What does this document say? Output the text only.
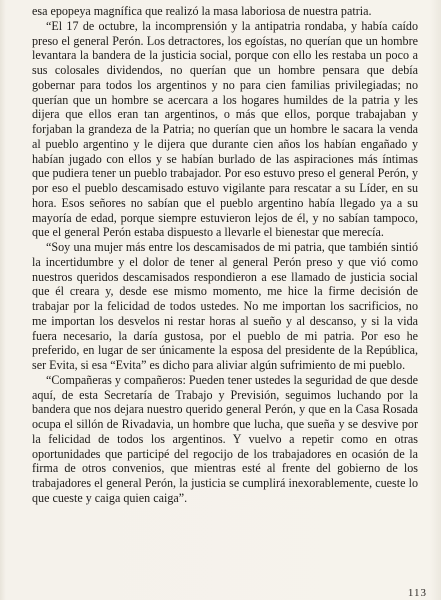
esa epopeya magnífica que realizó la masa laboriosa de nuestra patria.

“El 17 de octubre, la incomprensión y la antipatria rondaba, y había caído preso el general Perón. Los detractores, los egoístas, no querían que un hombre levantara la bandera de la justicia social, porque con ello les restaba un poco a sus colosales dividendos, no querían que un hombre pensara que debía gobernar para todos los argentinos y no para cien familias privilegiadas; no querían que un hombre se acercara a los hogares humildes de la patria y les dijera que ellos eran tan argentinos, o más que ellos, porque trabajaban y forjaban la grandeza de la Patria; no querían que un hombre le sacara la venda al pueblo argentino y le dijera que durante cien años los habían engañado y habían jugado con ellos y se habían burlado de las aspiraciones más íntimas que pudiera tener un pueblo trabajador. Por eso estuvo preso el general Perón, y por eso el pueblo descamisado estuvo vigilante para rescatar a su Líder, en su hora. Esos señores no sabían que el pueblo argentino había llegado ya a su mayoría de edad, porque siempre estuvieron lejos de él, y no sabían tampoco, que el general Perón estaba dispuesto a llevarle el bienestar que merecía.

“Soy una mujer más entre los descamisados de mi patria, que también sintió la incertidumbre y el dolor de tener al general Perón preso y que vió como nuestros queridos descamisados respondieron a ese llamado de justicia social que él creara y, desde ese mismo momento, me hice la firme decisión de trabajar por la felicidad de todos ustedes. No me importan los sacrificios, no me importan los desvelos ni restar horas al sueño y al descanso, y si la vida fuera necesario, la daría gustosa, por el pueblo de mi patria. Por eso he preferido, en lugar de ser únicamente la esposa del presidente de la República, ser Evita, si esa “Evita” es dicho para aliviar algún sufrimiento de mi pueblo.

“Compañeras y compañeros: Pueden tener ustedes la seguridad de que desde aquí, de esta Secretaría de Trabajo y Previsión, seguimos luchando por la bandera que nos dejara nuestro querido general Perón, y que en la Casa Rosada ocupa el sillón de Rivadavia, un hombre que lucha, que sueña y se desvive por la felicidad de todos los argentinos. Y vuelvo a repetir como en otras oportunidades que participé del regocijo de los trabajadores en ocasión de la firma de otros convenios, que mientras esté al frente del gobierno de los trabajadores el general Perón, la justicia se cumplirá inexorablemente, cueste lo que cueste y caiga quien caiga”.

113
